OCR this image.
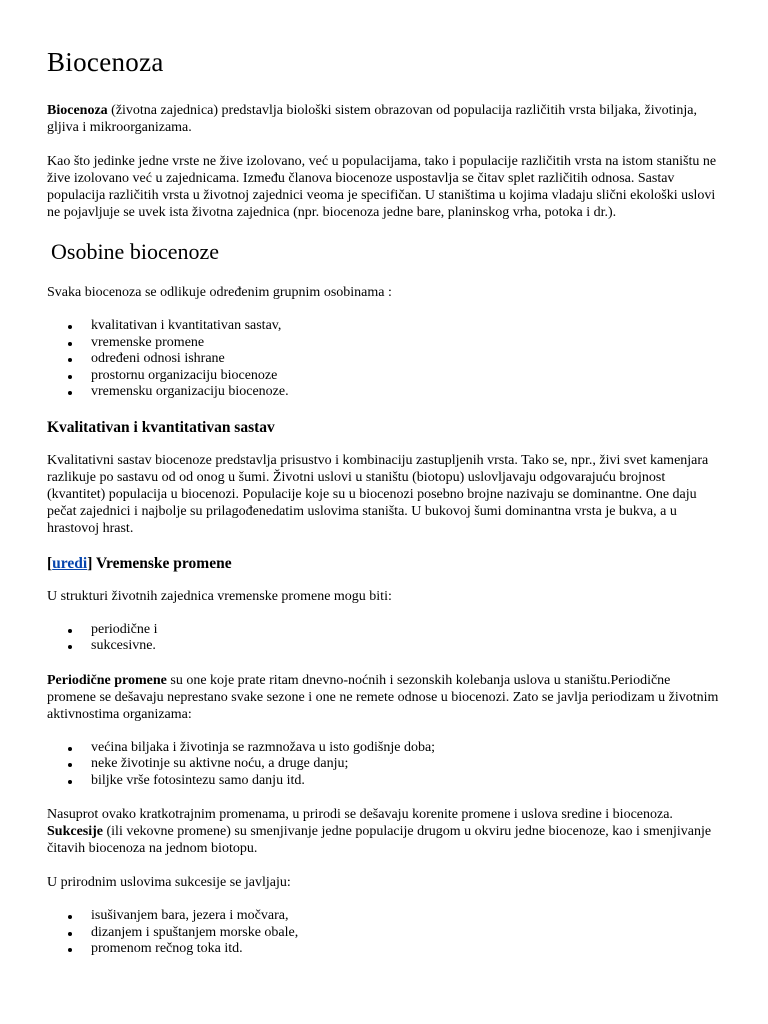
Biocenoza

Biocenoza (životna zajednica) predstavlja biološki sistem obrazovan od populacija različitih vrsta biljaka, životinja, gljiva i mikroorganizama.

Kao što jedinke jedne vrste ne žive izolovano, već u populacijama, tako i populacije različitih vrsta na istom staništu ne žive izolovano već u zajednicama. Između članova biocenoze uspostavlja se čitav splet različitih odnosa. Sastav populacija različitih vrsta u životnoj zajednici veoma je specifičan. U staništima u kojima vladaju slični ekološki uslovi ne pojavljuje se uvek ista životna zajednica (npr. biocenoza jedne bare, planinskog vrha, potoka i dr.).

Osobine biocenoze

Svaka biocenoza se odlikuje određenim grupnim osobinama :

kvalitativan i kvantitativan sastav,
vremenske promene
određeni odnosi ishrane
prostornu organizaciju biocenoze
vremensku organizaciju biocenoze.
Kvalitativan i kvantitativan sastav

Kvalitativni sastav biocenoze predstavlja prisustvo i kombinaciju zastupljenih vrsta. Tako se, npr., živi svet kamenjara razlikuje po sastavu od od onog u šumi. Životni uslovi u staništu (biotopu) uslovljavaju odgovarajuću brojnost (kvantitet) populacija u biocenozi. Populacije koje su u biocenozi posebno brojne nazivaju se dominantne. One daju pečat zajednici i najbolje su prilagođenedatim uslovima staništa. U bukovoj šumi dominantna vrsta je bukva, a u hrastovoj hrast.

[uredi] Vremenske promene

U strukturi životnih zajednica vremenske promene mogu biti:

periodične i
sukcesivne.

Periodične promene su one koje prate ritam dnevno-noćnih i sezonskih kolebanja uslova u staništu.Periodične promene se dešavaju neprestano svake sezone i one ne remete odnose u biocenozi. Zato se javlja periodizam u životnim aktivnostima organizama:

većina biljaka i životinja se razmnožava u isto godišnje doba;
neke životinje su aktivne noću, a druge danju;
biljke vrše fotosintezu samo danju itd.

Nasuprot ovako kratkotrajnim promenama, u prirodi se dešavaju korenite promene i uslova sredine i biocenoza. Sukcesije (ili vekovne promene) su smenjivanje jedne populacije drugom u okviru jedne biocenoze, kao i smenjivanje čitavih biocenoza na jednom biotopu.

U prirodnim uslovima sukcesije se javljaju:

isušivanjem bara, jezera i močvara,
dizanjem i spuštanjem morske obale,
promenom rečnog toka itd.
